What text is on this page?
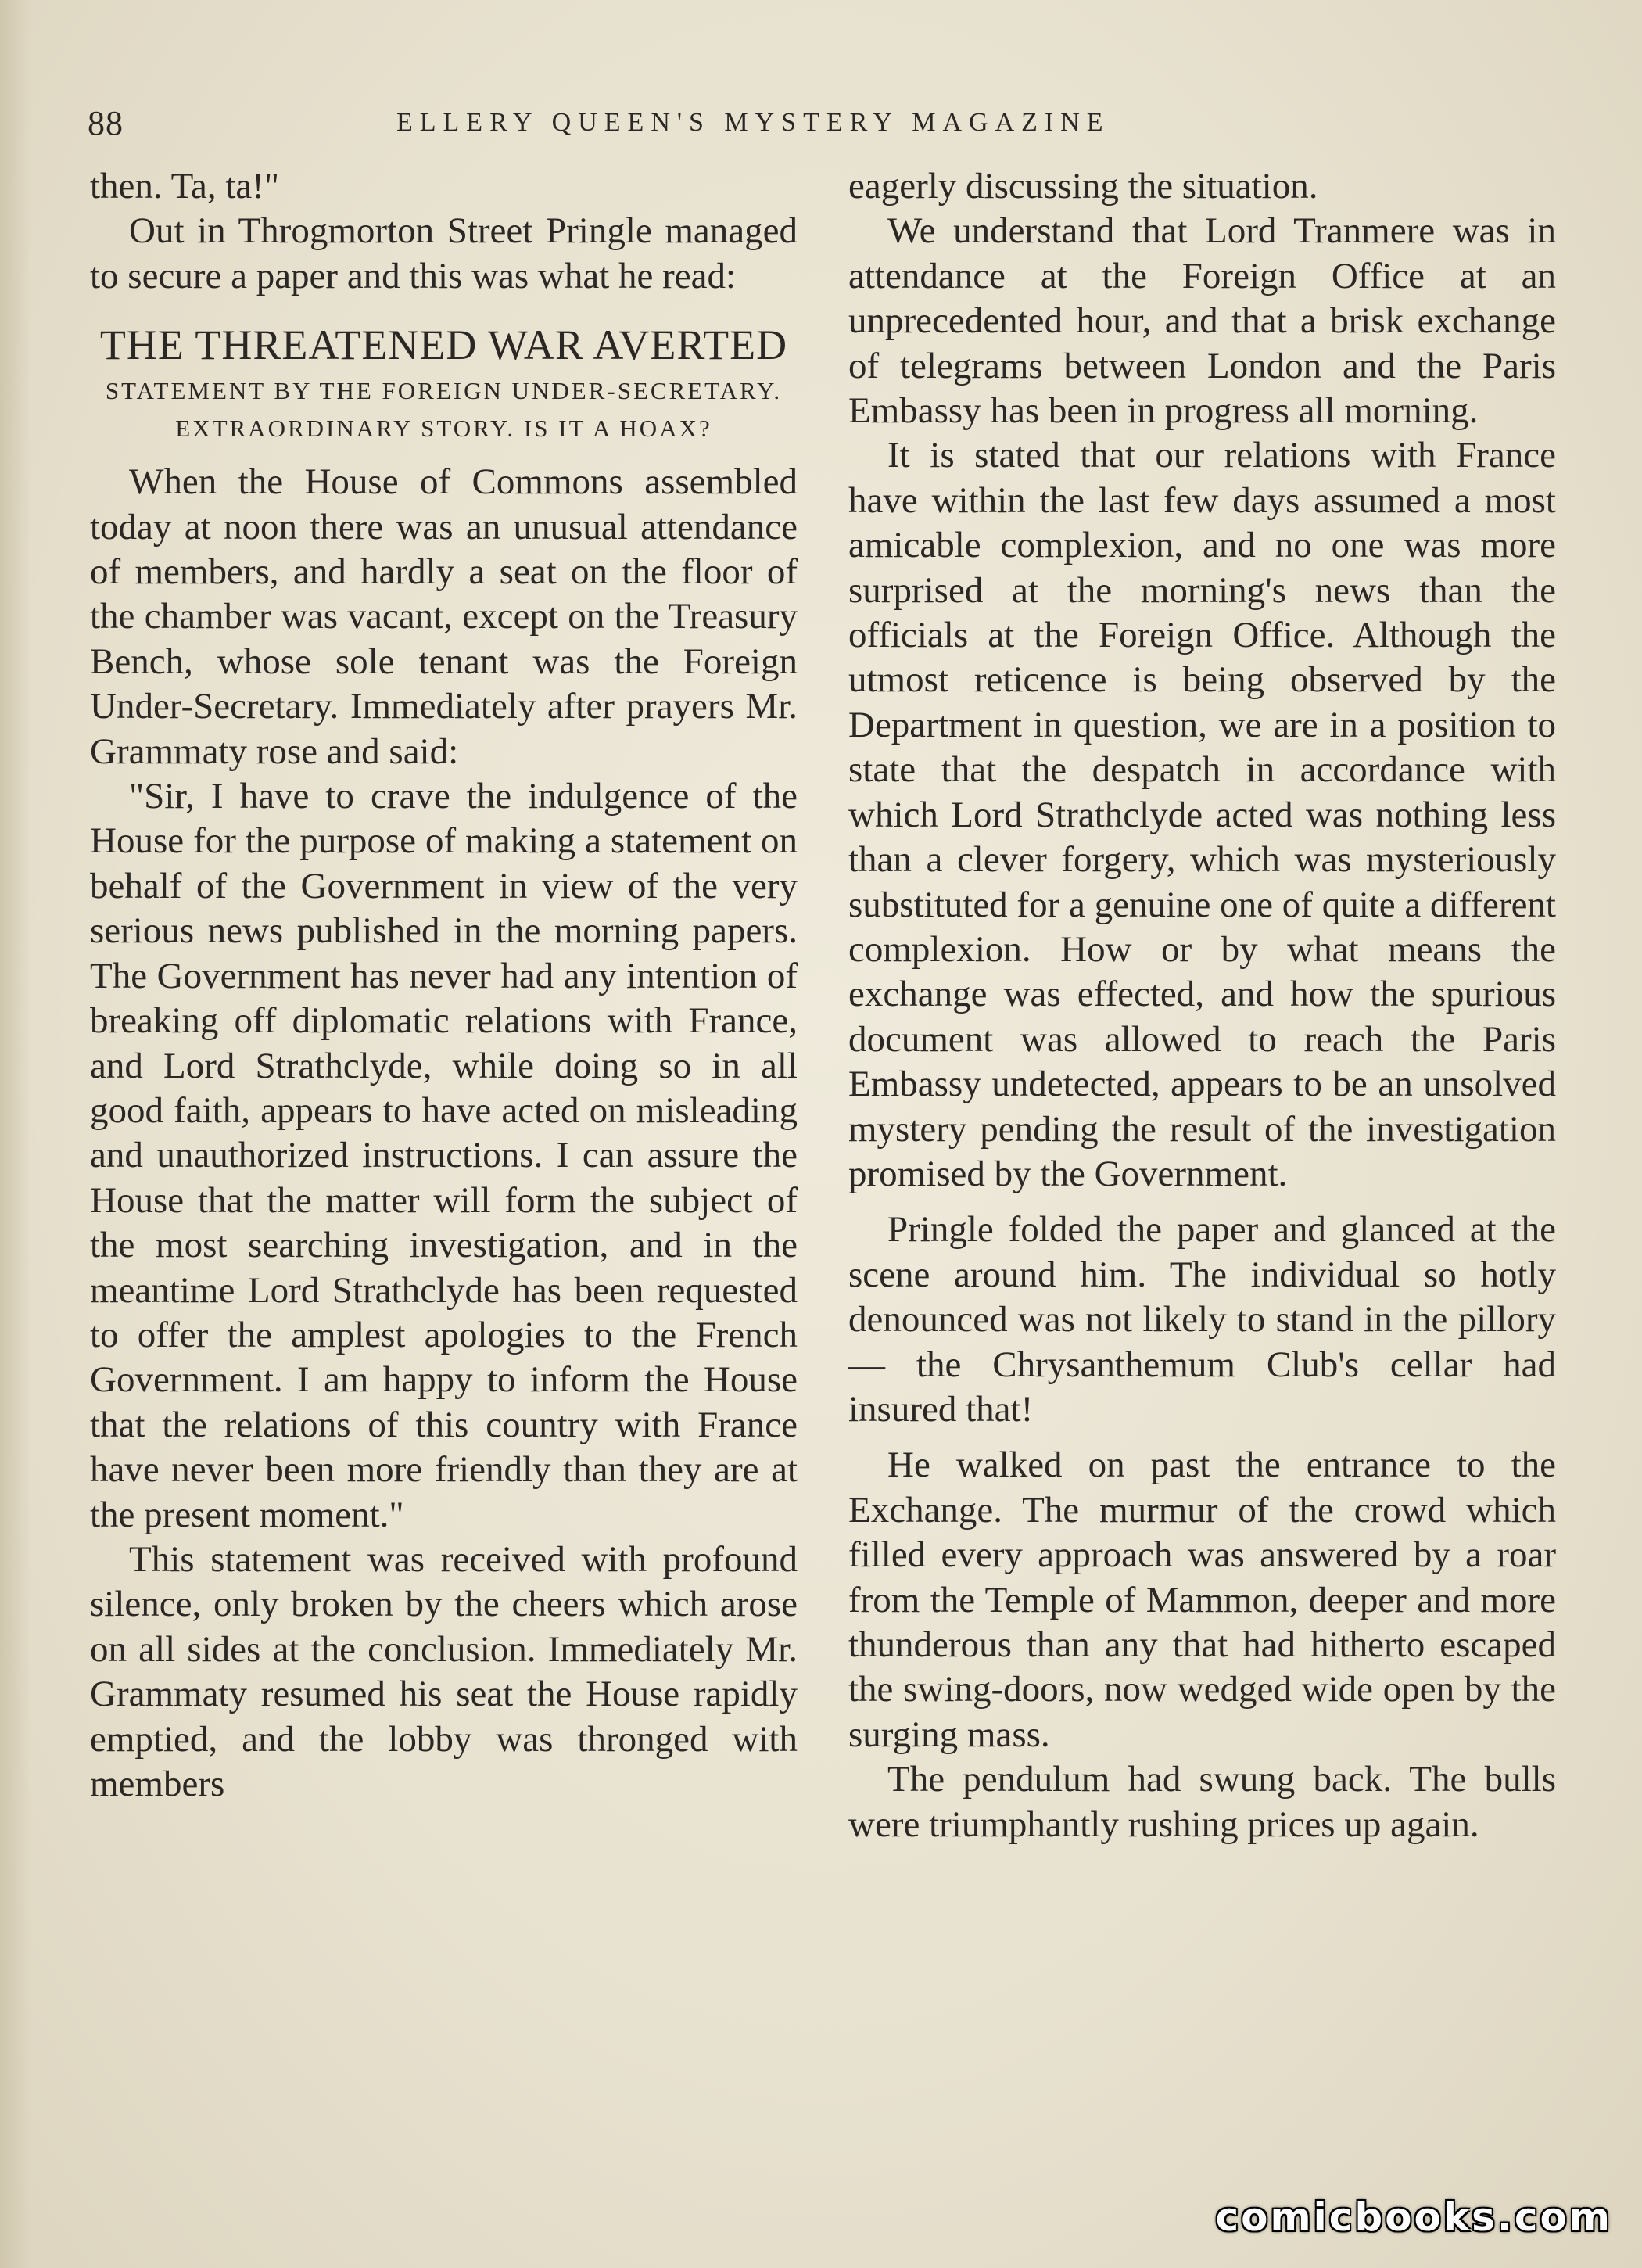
88	ELLERY QUEEN'S MYSTERY MAGAZINE

then. Ta, ta!"

Out in Throgmorton Street Pringle managed to secure a paper and this was what he read:

THE THREATENED WAR AVERTED
STATEMENT BY THE FOREIGN UNDER-SECRETARY.
EXTRAORDINARY STORY. IS IT A HOAX?

When the House of Commons assembled today at noon there was an unusual attendance of members, and hardly a seat on the floor of the chamber was vacant, except on the Treasury Bench, whose sole tenant was the Foreign Under-Secretary. Immediately after prayers Mr. Grammaty rose and said:

"Sir, I have to crave the indulgence of the House for the purpose of making a statement on behalf of the Government in view of the very serious news published in the morning papers. The Government has never had any intention of breaking off diplomatic relations with France, and Lord Strathclyde, while doing so in all good faith, appears to have acted on misleading and unauthorized instructions. I can assure the House that the matter will form the subject of the most searching investigation, and in the meantime Lord Strathclyde has been requested to offer the amplest apologies to the French Government. I am happy to inform the House that the relations of this country with France have never been more friendly than they are at the present moment."

This statement was received with profound silence, only broken by the cheers which arose on all sides at the conclusion. Immediately Mr. Grammaty resumed his seat the House rapidly emptied, and the lobby was thronged with members

eagerly discussing the situation.

We understand that Lord Tranmere was in attendance at the Foreign Office at an unprecedented hour, and that a brisk exchange of telegrams between London and the Paris Embassy has been in progress all morning.

It is stated that our relations with France have within the last few days assumed a most amicable complexion, and no one was more surprised at the morning's news than the officials at the Foreign Office. Although the utmost reticence is being observed by the Department in question, we are in a position to state that the despatch in accordance with which Lord Strathclyde acted was nothing less than a clever forgery, which was mysteriously substituted for a genuine one of quite a different complexion. How or by what means the exchange was effected, and how the spurious document was allowed to reach the Paris Embassy undetected, appears to be an unsolved mystery pending the result of the investigation promised by the Government.

Pringle folded the paper and glanced at the scene around him. The individual so hotly denounced was not likely to stand in the pillory — the Chrysanthemum Club's cellar had insured that!

He walked on past the entrance to the Exchange. The murmur of the crowd which filled every approach was answered by a roar from the Temple of Mammon, deeper and more thunderous than any that had hitherto escaped the swing-doors, now wedged wide open by the surging mass.

The pendulum had swung back. The bulls were triumphantly rushing prices up again.

comicbooks.com
